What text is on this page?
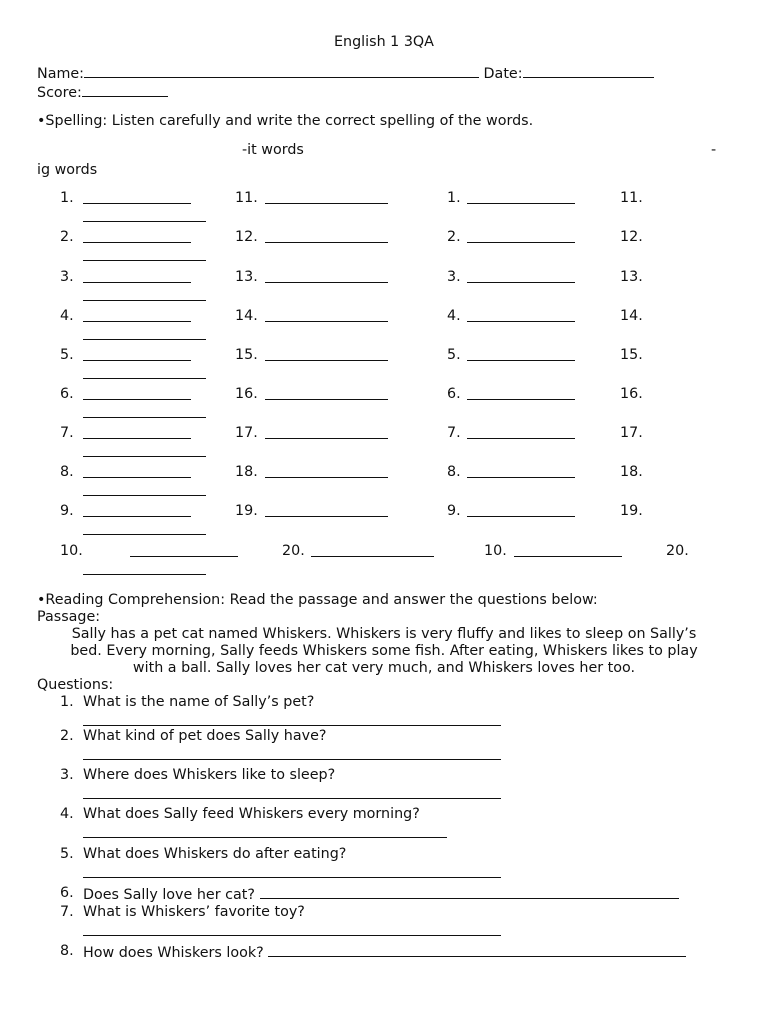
English 1 3QA
Name:	Date:
Score:
•Spelling: Listen carefully and write the correct spelling of the words.
-it words	-
ig words
1.	11.	1.	11.
2.	12.	2.	12.
3.	13.	3.	13.
4.	14.	4.	14.
5.	15.	5.	15.
6.	16.	6.	16.
7.	17.	7.	17.
8.	18.	8.	18.
9.	19.	9.	19.
10.	20.	10.	20.
•Reading Comprehension: Read the passage and answer the questions below:
Passage:
Sally has a pet cat named Whiskers. Whiskers is very fluffy and likes to sleep on Sally’s
bed. Every morning, Sally feeds Whiskers some fish. After eating, Whiskers likes to play
with a ball. Sally loves her cat very much, and Whiskers loves her too.
Questions:
1. What is the name of Sally’s pet?
2. What kind of pet does Sally have?
3. Where does Whiskers like to sleep?
4. What does Sally feed Whiskers every morning?
5. What does Whiskers do after eating?
6. Does Sally love her cat?
7. What is Whiskers’ favorite toy?
8. How does Whiskers look?
